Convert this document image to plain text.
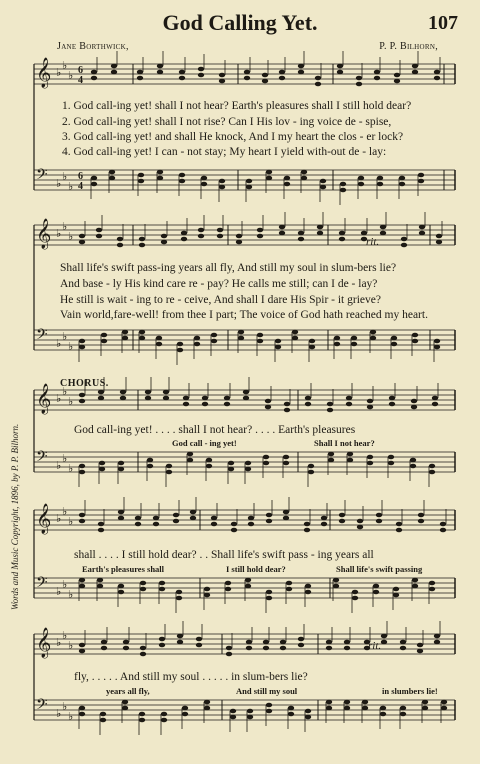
God Calling Yet.	107
Jane Borthwick,	P. P. Bilhorn,
Words and Music Copyright, 1896, by P. P. Bilhorn.
𝄞 ♭
♭
♭ 6
4
𝄢 ♭
♭
♭
6
4
𝄞 ♭
♭
♭
𝄢 ♭
♭
♭
𝄞 ♭
♭
♭
𝄢 ♭
♭
♭
𝄞 ♭
♭
♭
𝄢 ♭
♭
♭
𝄞 ♭
♭
♭
𝄢 ♭
♭
♭
1. God call-ing yet! shall I not hear? Earth's pleasures shall I still hold dear?
2. God call-ing yet! shall I not rise? Can I His lov - ing voice de - spise,
3. God call-ing yet! and shall He knock, And I my heart the clos - er lock?
4. God call-ing yet! I can - not stay; My heart I yield with-out de - lay:
rit.
Shall life's swift pass-ing years all fly, And still my soul in slum-bers lie?
And base - ly His kind care re - pay? He calls me still; can I de - lay?
He still is wait - ing to re - ceive, And shall I dare His Spir - it grieve?
Vain world,fare-well! from thee I part; The voice of God hath reached my heart.
CHORUS.
God call-ing yet! . . . . shall I not hear? . . . . Earth's pleasures
God call - ing yet!	Shall I not hear?
shall . . . . I still hold dear? . . Shall life's swift pass - ing years all
Earth's pleasures shall	I still hold dear?	Shall life's swift passing
rit.
fly, . . . . . And still my soul . . . . . in slum-bers lie?
years all fly,	And still my soul	in slumbers lie!
